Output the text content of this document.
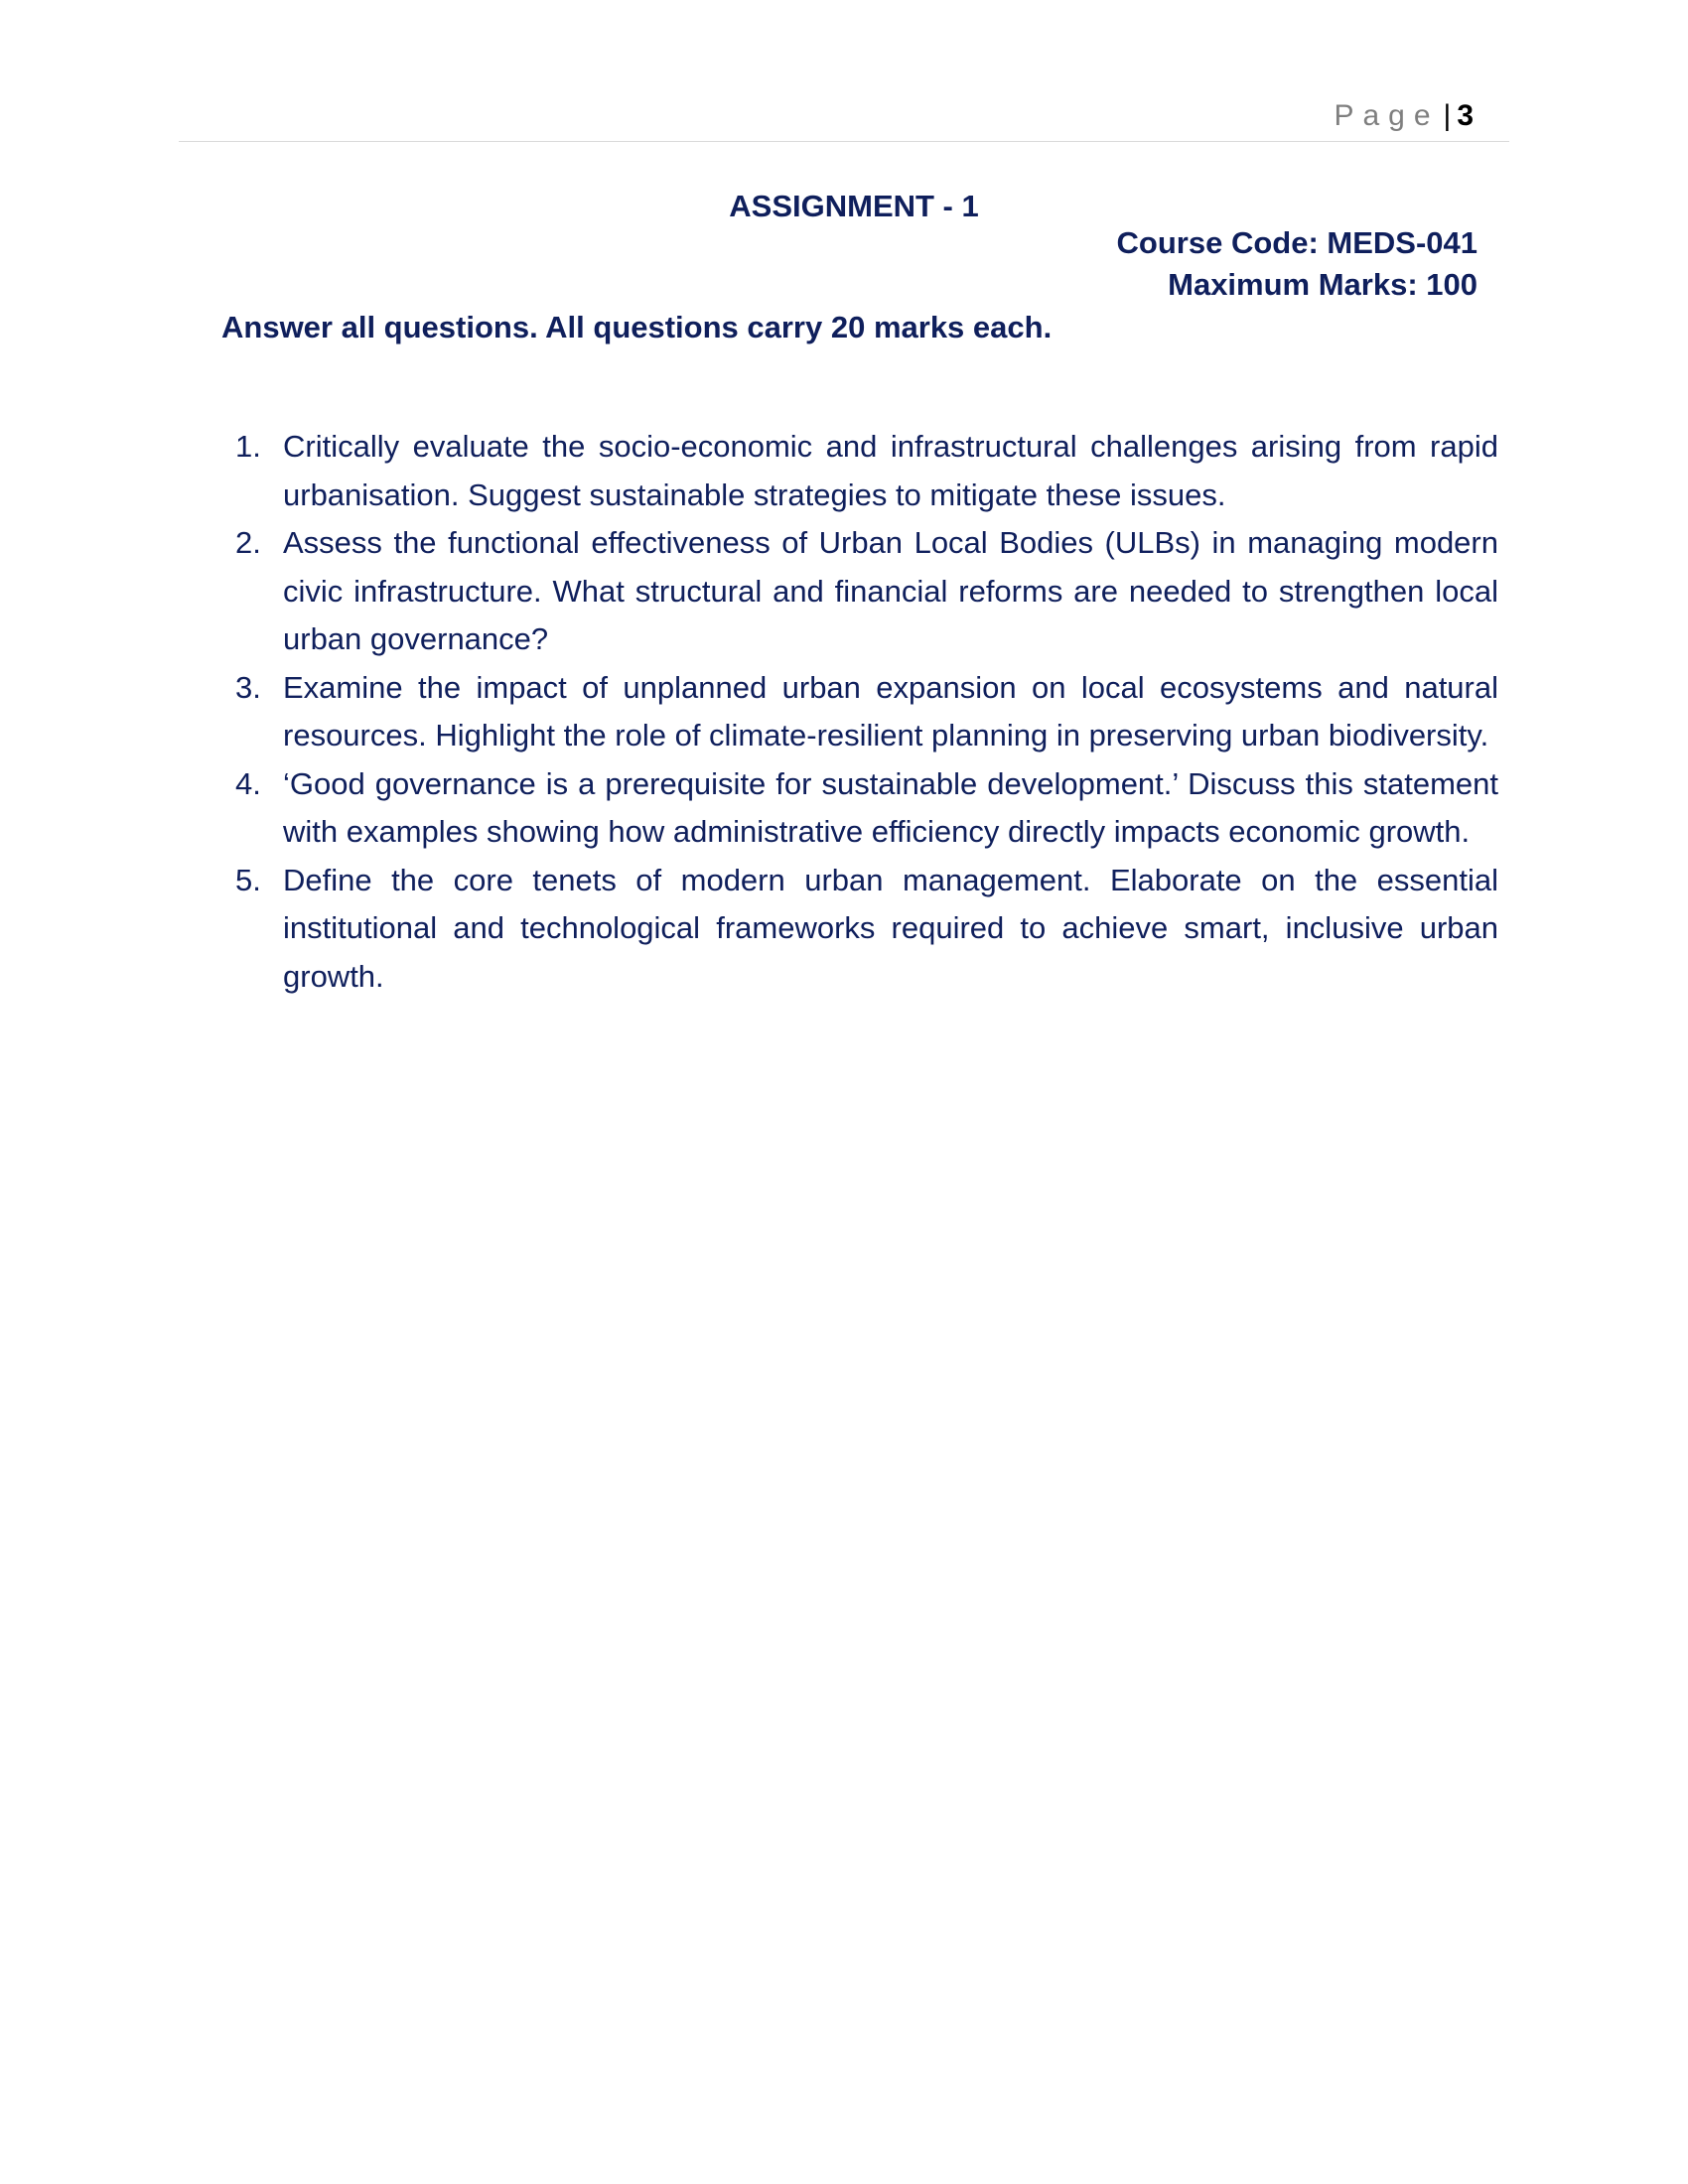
Page | 3
ASSIGNMENT - 1
Course Code: MEDS-041
Maximum Marks: 100
Answer all questions. All questions carry 20 marks each.
1. Critically evaluate the socio-economic and infrastructural challenges arising from rapid urbanisation. Suggest sustainable strategies to mitigate these issues.
2. Assess the functional effectiveness of Urban Local Bodies (ULBs) in managing modern civic infrastructure. What structural and financial reforms are needed to strengthen local urban governance?
3. Examine the impact of unplanned urban expansion on local ecosystems and natural resources. Highlight the role of climate-resilient planning in preserving urban biodiversity.
4. ‘Good governance is a prerequisite for sustainable development.’ Discuss this statement with examples showing how administrative efficiency directly impacts economic growth.
5. Define the core tenets of modern urban management. Elaborate on the essential institutional and technological frameworks required to achieve smart, inclusive urban growth.
